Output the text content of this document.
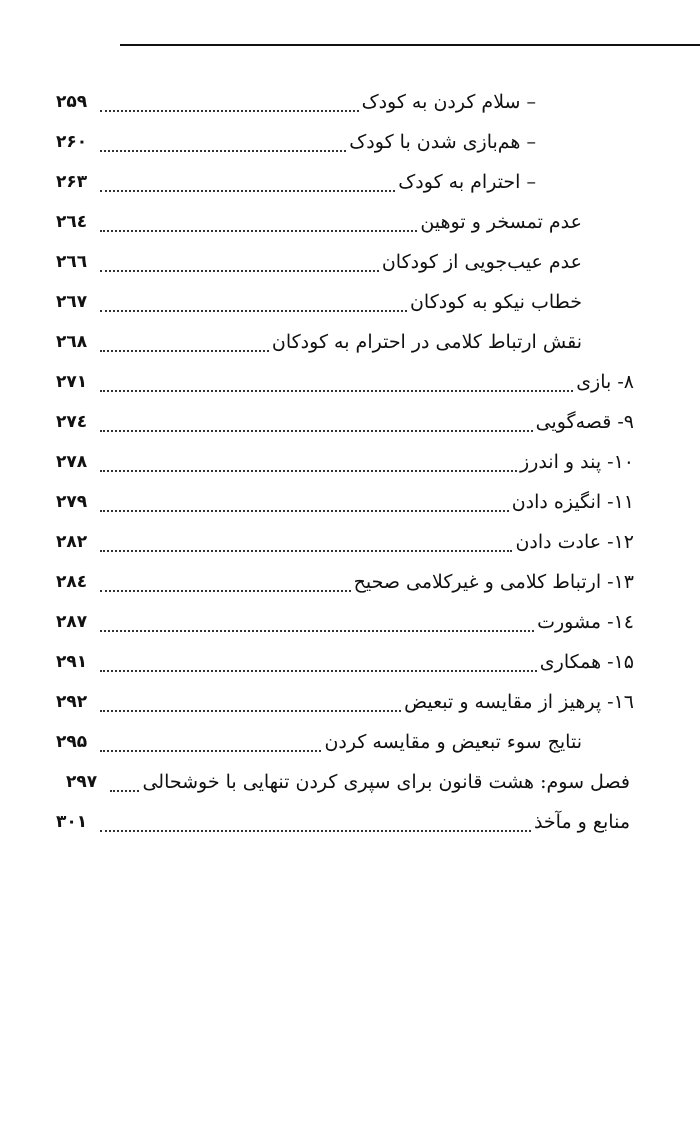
– سلام کردن به کودک
۲۵۹
– هم‌بازی شدن با کودک
۲۶۰
– احترام به کودک
۲۶۳
عدم تمسخر و توهین
۲٦٤
عدم عیب‌جویی از کودکان
۲٦٦
خطاب نیکو به کودکان
۲٦٧
نقش ارتباط کلامی در احترام به کودکان
۲٦۸
۸- بازی
۲۷۱
۹- قصه‌گویی
۲۷٤
۱۰- پند و اندرز
۲۷۸
۱۱- انگیزه دادن
۲۷۹
۱۲- عادت دادن
۲۸۲
۱۳- ارتباط کلامی و غیرکلامی صحیح
۲۸٤
۱٤- مشورت
۲۸۷
۱۵- همکاری
۲۹۱
۱٦- پرهیز از مقایسه و تبعیض
۲۹۲
نتایج سوء تبعیض و مقایسه کردن
۲۹۵
فصل سوم: هشت قانون برای سپری کردن تنهایی با خوشحالی
۲۹۷
منابع و مآخذ
۳۰۱
